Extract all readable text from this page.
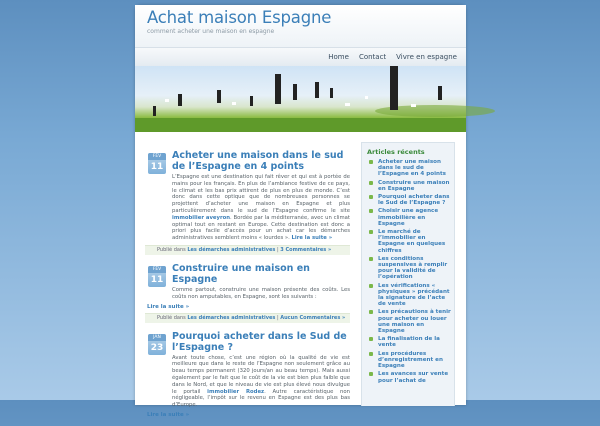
Achat maison Espagne
comment acheter une maison en espagne
Home	Contact	Vivre en espagne
FÉV
11
Acheter une maison dans le sud de l’Espagne en 4 points

L’Espagne est une destination qui fait rêver et qui est à portée de mains pour les français. En plus de l’ambiance festive de ce pays, le climat et les bas prix attirent de plus en plus de monde. C’est donc dans cette optique que de nombreuses personnes se projettent d’acheter une maison en Espagne et plus particulièrement dans le sud de l’Espagne confirme le site immobilier aveyron. Bordée par la méditerranée, avec un climat optimal tout en restant en Europe. Cette destination est donc a priori plus facile d’accès pour un achat car les démarches administratives semblent moins « lourdes ». Lire la suite »

Publié dans Les démarches administratives | 3 Commentaires »
FÉV
11
Construire une maison en Espagne

Comme partout, construire une maison présente des coûts. Les coûts non amputables, en Espagne, sont les suivants :

Lire la suite »
Publié dans Les démarches administratives | Aucun Commentaires »
JAN
23
Pourquoi acheter dans le Sud de l’Espagne ?

Avant toute chose, c’est une région où la qualité de vie est meilleure que dans le reste de l’Espagne non seulement grâce au beau temps permanent (320 jours/an au beau temps). Mais aussi également par le fait que le coût de la vie est bien plus faible que dans le Nord, et que le niveau de vie est plus élevé nous divulgue le portail immobilier Rodez. Autre caractéristique non négligeable, l’impôt sur le revenu en Espagne est des plus bas d’Europe.

Lire la suite »
Articles récents
Acheter une maison dans le sud de l’Espagne en 4 points
Construire une maison en Espagne
Pourquoi acheter dans le Sud de l’Espagne ?
Choisir une agence immobilière en Espagne
Le marché de l’immobilier en Espagne en quelques chiffres
Les conditions suspensives à remplir pour la validité de l’opération
Les vérifications « physiques » précédant la signature de l’acte de vente
Les précautions à tenir pour acheter ou louer une maison en Espagne
La finalisation de la vente
Les procédures d’enregistrement en Espagne
Les avances sur vente pour l’achat de
